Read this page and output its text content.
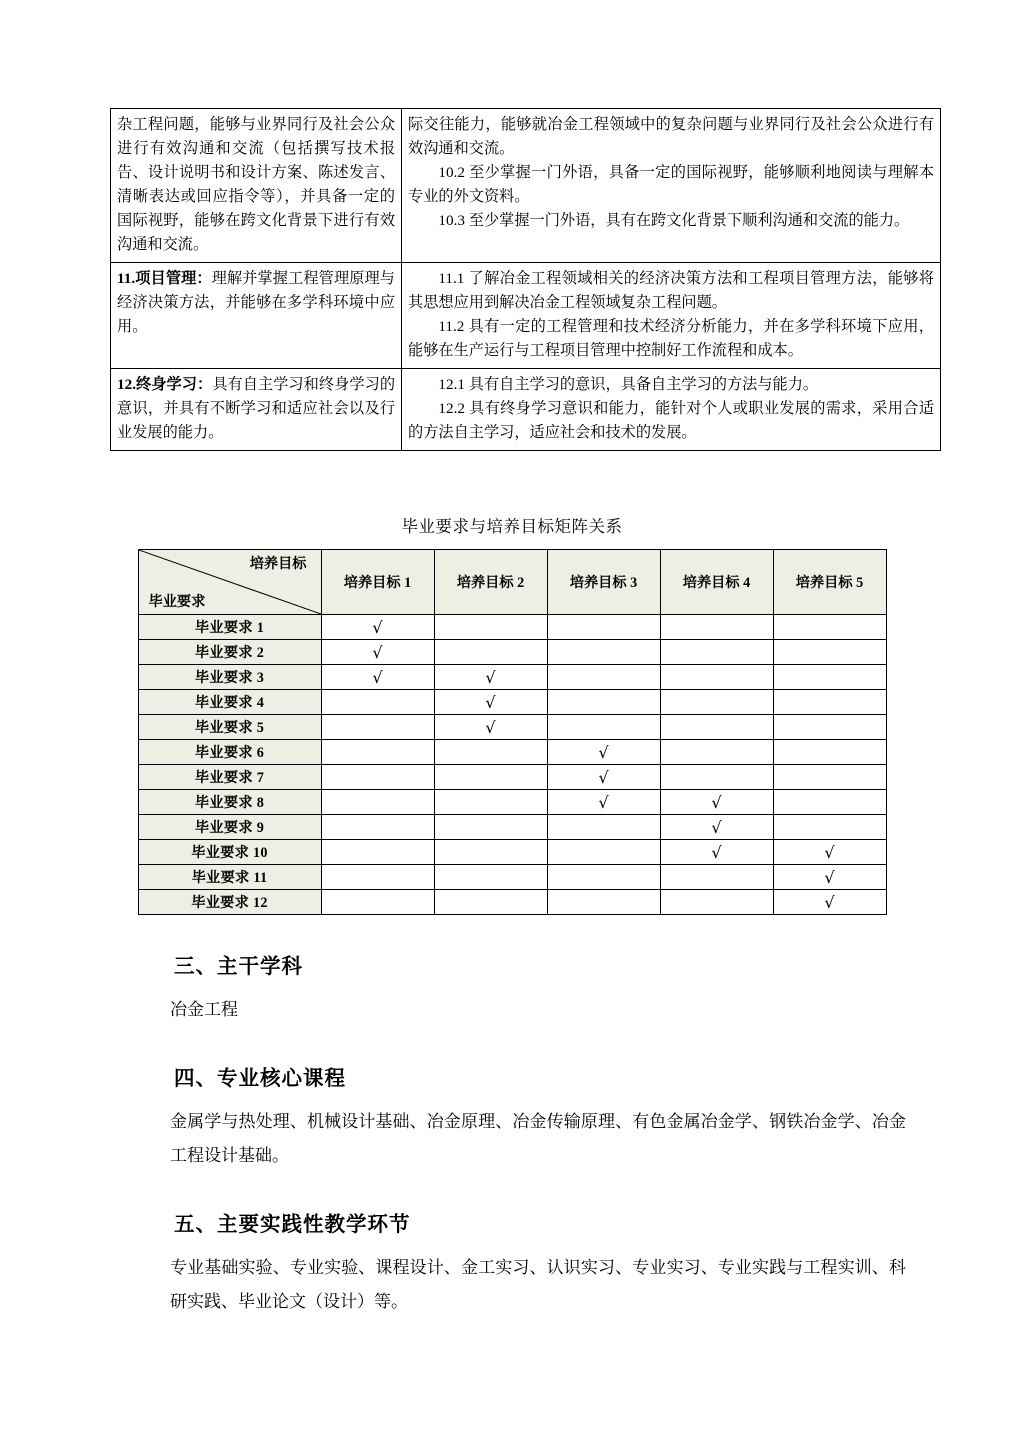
杂工程问题，能够与业界同行及社会公众进行有效沟通和交流（包括撰写技术报告、设计说明书和设计方案、陈述发言、清晰表达或回应指令等），并具备一定的国际视野，能够在跨文化背景下进行有效沟通和交流。	际交往能力，能够就冶金工程领域中的复杂问题与业界同行及社会公众进行有效沟通和交流。

10.2 至少掌握一门外语，具备一定的国际视野，能够顺利地阅读与理解本专业的外文资料。

10.3 至少掌握一门外语，具有在跨文化背景下顺利沟通和交流的能力。

11.项目管理：理解并掌握工程管理原理与经济决策方法，并能够在多学科环境中应用。	11.1 了解冶金工程领域相关的经济决策方法和工程项目管理方法，能够将其思想应用到解决冶金工程领域复杂工程问题。

11.2 具有一定的工程管理和技术经济分析能力，并在多学科环境下应用，能够在生产运行与工程项目管理中控制好工作流程和成本。

12.终身学习：具有自主学习和终身学习的意识，并具有不断学习和适应社会以及行业发展的能力。	12.1 具有自主学习的意识，具备自主学习的方法与能力。

12.2 具有终身学习意识和能力，能针对个人或职业发展的需求，采用合适的方法自主学习，适应社会和技术的发展。

毕业要求与培养目标矩阵关系
培养目标
毕业要求	培养目标 1	培养目标 2	培养目标 3	培养目标 4	培养目标 5
毕业要求 1	√				
毕业要求 2	√				
毕业要求 3	√	√			
毕业要求 4		√			
毕业要求 5		√			
毕业要求 6			√		
毕业要求 7			√		
毕业要求 8			√	√	
毕业要求 9				√	
毕业要求 10				√	√
毕业要求 11					√
毕业要求 12					√
三、主干学科

冶金工程

四、专业核心课程

金属学与热处理、机械设计基础、冶金原理、冶金传输原理、有色金属冶金学、钢铁冶金学、冶金工程设计基础。

五、主要实践性教学环节

专业基础实验、专业实验、课程设计、金工实习、认识实习、专业实习、专业实践与工程实训、科研实践、毕业论文（设计）等。
